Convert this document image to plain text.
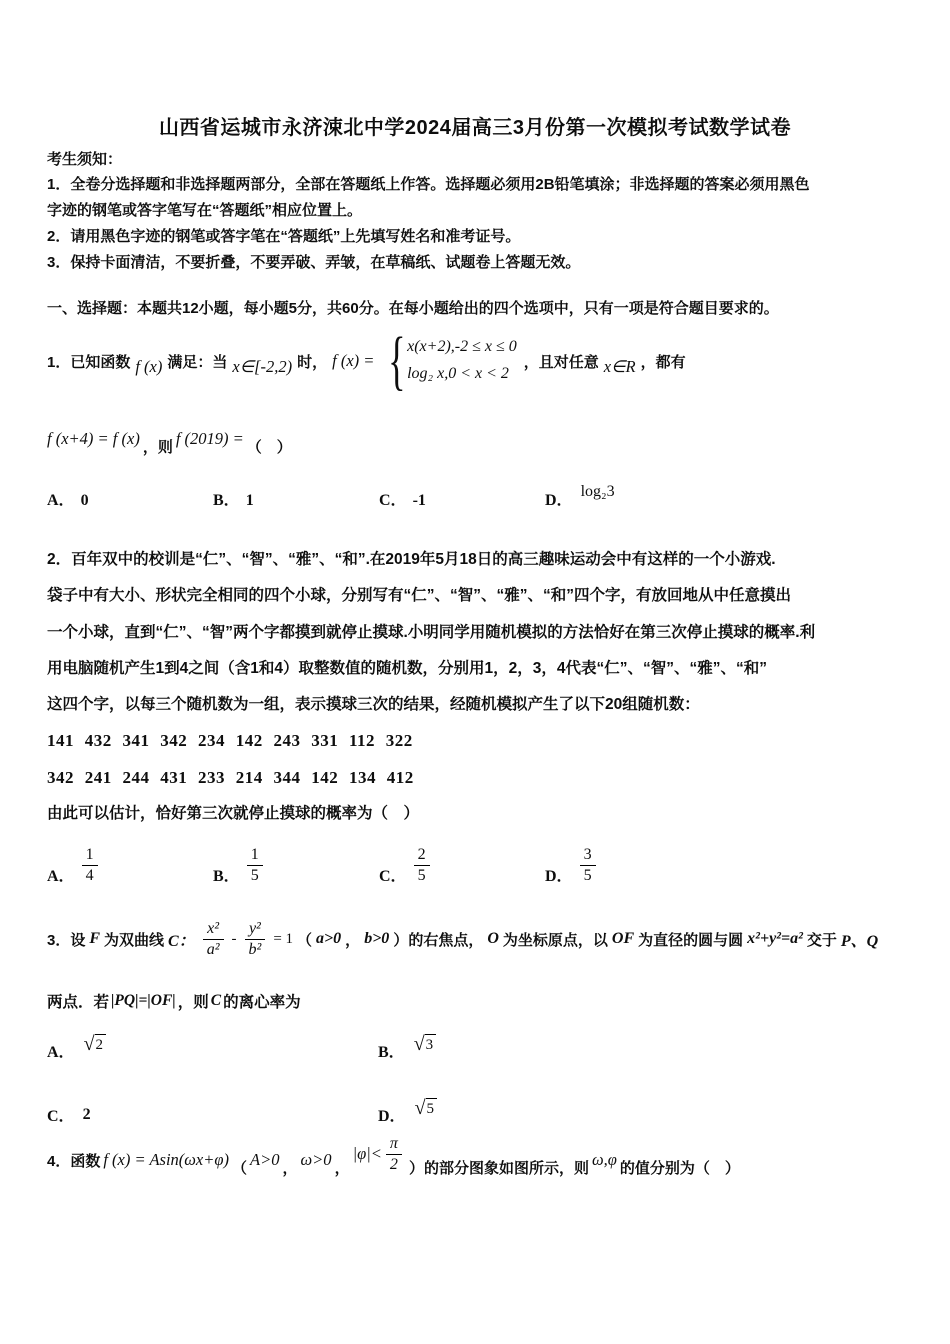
山西省运城市永济涑北中学2024届高三3月份第一次模拟考试数学试卷
考生须知：
1．全卷分选择题和非选择题两部分，全部在答题纸上作答。选择题必须用2B铅笔填涂；非选择题的答案必须用黑色
字迹的钢笔或答字笔写在“答题纸”相应位置上。
2．请用黑色字迹的钢笔或答字笔在“答题纸”上先填写姓名和准考证号。
3．保持卡面清洁，不要折叠，不要弄破、弄皱，在草稿纸、试题卷上答题无效。
一、选择题：本题共12小题，每小题5分，共60分。在每小题给出的四个选项中，只有一项是符合题目要求的。
1．已知函数 f (x) 满足：当 x∈[-2,2) 时， f (x) = { x(x+2),-2 ≤ x ≤ 0
log₂ x,0 < x < 2
，且对任意 x∈R ，都有
f (x+4) = f (x) ，则 f (2019) = （　）
A． 0	B． 1	C． -1	D．
log₂3
2．百年双中的校训是“仁”、“智”、“雅”、“和”.在2019年5月18日的高三趣味运动会中有这样的一个小游戏.
袋子中有大小、形状完全相同的四个小球，分别写有“仁”、“智”、“雅”、“和”四个字，有放回地从中任意摸出
一个小球，直到“仁”、“智”两个字都摸到就停止摸球.小明同学用随机模拟的方法恰好在第三次停止摸球的概率.利
用电脑随机产生1到4之间（含1和4）取整数值的随机数，分别用1，2，3，4代表“仁”、“智”、“雅”、“和”
这四个字，以每三个随机数为一组，表示摸球三次的结果，经随机模拟产生了以下20组随机数：
141 432 341 342 234 142 243 331 112 322
342 241 244 431 233 214 344 142 134 412
由此可以估计，恰好第三次就停止摸球的概率为（　）
A． $\frac{1}{4}$	B． $\frac{1}{5}$	C． $\frac{2}{5}$	D． $\frac{3}{5}$
3．设 F 为双曲线 C： $\frac{\text{x²}}{\text{a²}} - \frac{\text{y²}}{\text{b²}} = 1$ （ a>0 ， b>0 ）的右焦点， O 为坐标原点，以 OF 为直径的圆与圆 x²+y²=a² 交于 P、Q
两点．若 |PQ|=|OF| ，则 C 的离心率为
A． √ 2	B． √ 3
C． 2	D． √ 5
4．函数 f (x) = Asin(ωx+φ) （ A>0 ， ω>0 ，
$|\varphi|< \frac{\pi}{2}$ ）的部分图象如图所示，则 ω,φ 的值分别为（　）
